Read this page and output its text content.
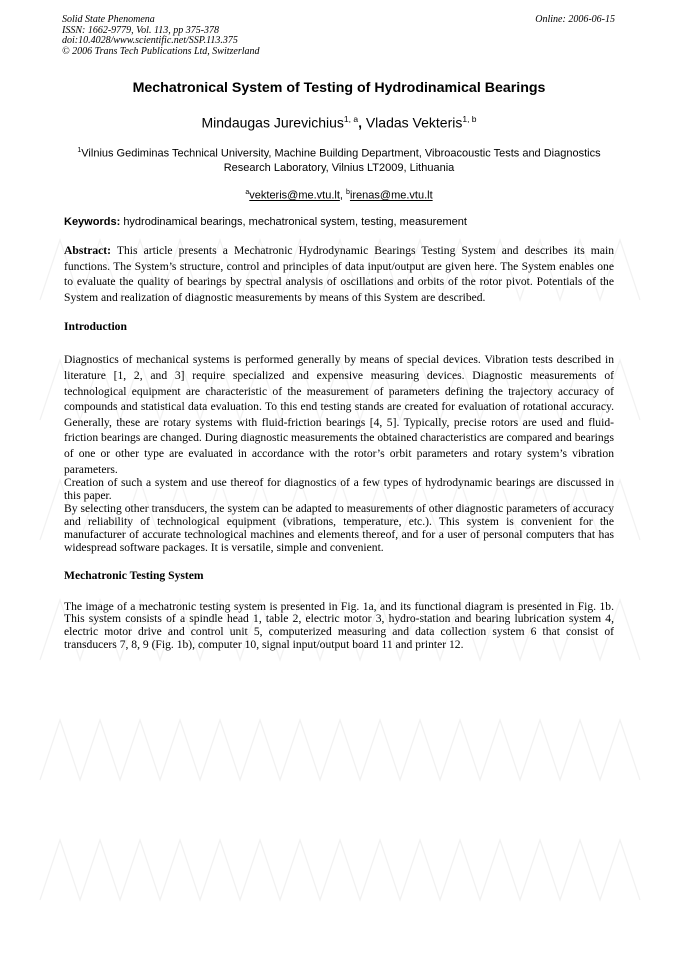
Solid State Phenomena
ISSN: 1662-9779, Vol. 113, pp 375-378
doi:10.4028/www.scientific.net/SSP.113.375
© 2006 Trans Tech Publications Ltd, Switzerland
Online: 2006-06-15
Mechatronical System of Testing of Hydrodinamical Bearings
Mindaugas Jurevichius$^{1, a}$, Vladas Vekteris$^{1, b}$
$^1$Vilnius Gediminas Technical University, Machine Building Department, Vibroacoustic Tests and Diagnostics Research Laboratory, Vilnius LT2009, Lithuania
$^a$vekteris@me.vtu.lt, $^b$irenas@me.vtu.lt
Keywords: hydrodinamical bearings, mechatronical system, testing, measurement
Abstract: This article presents a Mechatronic Hydrodynamic Bearings Testing System and describes its main functions. The System’s structure, control and principles of data input/output are given here. The System enables one to evaluate the quality of bearings by spectral analysis of oscillations and orbits of the rotor pivot. Potentials of the System and realization of diagnostic measurements by means of this System are described.
Introduction

Diagnostics of mechanical systems is performed generally by means of special devices. Vibration tests described in literature [1, 2, and 3] require specialized and expensive measuring devices. Diagnostic measurements of technological equipment are characteristic of the measurement of parameters defining the trajectory accuracy of compounds and statistical data evaluation. To this end testing stands are created for evaluation of rotational accuracy. Generally, these are rotary systems with fluid-friction bearings [4, 5]. Typically, precise rotors are used and fluid-friction bearings are changed. During diagnostic measurements the obtained characteristics are compared and bearings of one or other type are evaluated in accordance with the rotor’s orbit parameters and rotary system’s vibration parameters.

Creation of such a system and use thereof for diagnostics of a few types of hydrodynamic bearings are discussed in this paper.

By selecting other transducers, the system can be adapted to measurements of other diagnostic parameters of accuracy and reliability of technological equipment (vibrations, temperature, etc.). This system is convenient for the manufacturer of accurate technological machines and elements thereof, and for a user of personal computers that has widespread software packages. It is versatile, simple and convenient.

Mechatronic Testing System

The image of a mechatronic testing system is presented in Fig. 1a, and its functional diagram is presented in Fig. 1b. This system consists of a spindle head 1, table 2, electric motor 3, hydro-station and bearing lubrication system 4, electric motor drive and control unit 5, computerized measuring and data collection system 6 that consist of transducers 7, 8, 9 (Fig. 1b), computer 10, signal input/output board 11 and printer 12.
